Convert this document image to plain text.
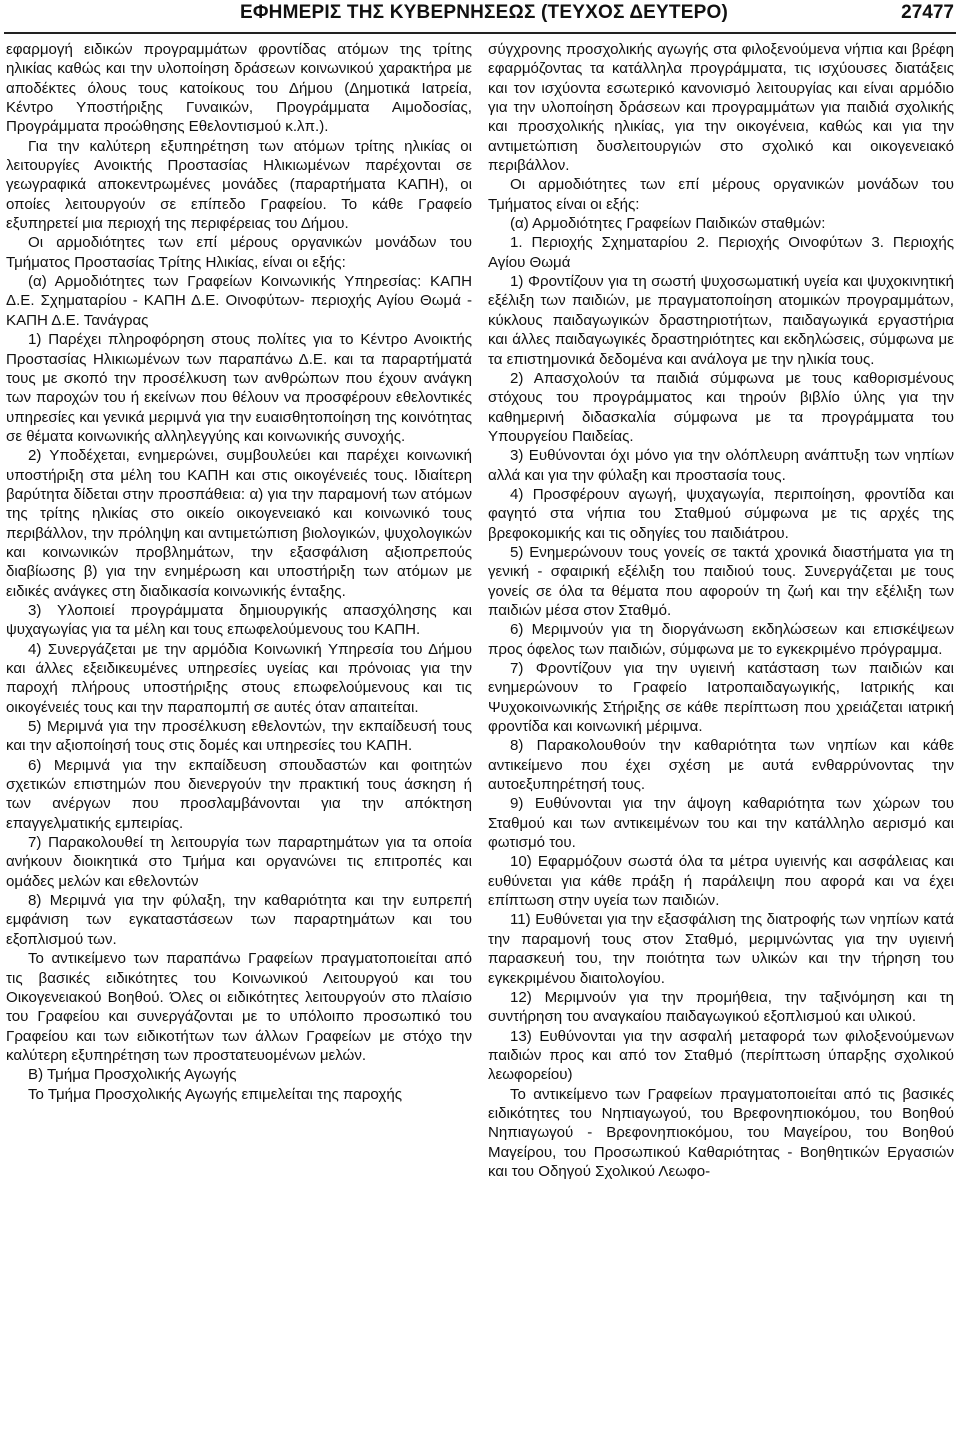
ΕΦΗΜΕΡΙΣ ΤΗΣ ΚΥΒΕΡΝΗΣΕΩΣ (ΤΕΥΧΟΣ ΔΕΥΤΕΡΟ)	27477

εφαρμογή ειδικών προγραμμάτων φροντίδας ατόμων της τρίτης ηλικίας καθώς και την υλοποίηση δράσεων κοινωνικού χαρακτήρα με αποδέκτες όλους τους κατοίκους του Δήμου (Δημοτικά Ιατρεία, Κέντρο Υποστήριξης Γυναικών, Προγράμματα Αιμοδοσίας, Προγράμματα προώθησης Εθελοντισμού κ.λπ.).

Για την καλύτερη εξυπηρέτηση των ατόμων τρίτης ηλικίας οι λειτουργίες Ανοικτής Προστασίας Ηλικιωμένων παρέχονται σε γεωγραφικά αποκεντρωμένες μονάδες (παραρτήματα ΚΑΠΗ), οι οποίες λειτουργούν σε επίπεδο Γραφείου. Το κάθε Γραφείο εξυπηρετεί μια περιοχή της περιφέρειας του Δήμου.

Οι αρμοδιότητες των επί μέρους οργανικών μονάδων του Τμήματος Προστασίας Τρίτης Ηλικίας, είναι οι εξής:

(α) Αρμοδιότητες των Γραφείων Κοινωνικής Υπηρεσίας: ΚΑΠΗ Δ.Ε. Σχηματαρίου - ΚΑΠΗ Δ.Ε. Οινοφύτων- περιοχής Αγίου Θωμά - ΚΑΠΗ Δ.Ε. Τανάγρας

1) Παρέχει πληροφόρηση στους πολίτες για το Κέντρο Ανοικτής Προστασίας Ηλικιωμένων των παραπάνω Δ.Ε. και τα παραρτήματά τους με σκοπό την προσέλκυση των ανθρώπων που έχουν ανάγκη των παροχών του ή εκείνων που θέλουν να προσφέρουν εθελοντικές υπηρεσίες και γενικά μεριμνά για την ευαισθητοποίηση της κοινότητας σε θέματα κοινωνικής αλληλεγγύης και κοινωνικής συνοχής.

2) Υποδέχεται, ενημερώνει, συμβουλεύει και παρέχει κοινωνική υποστήριξη στα μέλη του ΚΑΠΗ και στις οικογένειές τους. Ιδιαίτερη βαρύτητα δίδεται στην προσπάθεια: α) για την παραμονή των ατόμων της τρίτης ηλικίας στο οικείο οικογενειακό και κοινωνικό τους περιβάλλον, την πρόληψη και αντιμετώπιση βιολογικών, ψυχολογικών και κοινωνικών προβλημάτων, την εξασφάλιση αξιοπρεπούς διαβίωσης β) για την ενημέρωση και υποστήριξη των ατόμων με ειδικές ανάγκες στη διαδικασία κοινωνικής ένταξης.

3) Υλοποιεί προγράμματα δημιουργικής απασχόλησης και ψυχαγωγίας για τα μέλη και τους επωφελούμενους του ΚΑΠΗ.

4) Συνεργάζεται με την αρμόδια Κοινωνική Υπηρεσία του Δήμου και άλλες εξειδικευμένες υπηρεσίες υγείας και πρόνοιας για την παροχή πλήρους υποστήριξης στους επωφελούμενους και τις οικογένειές τους και την παραπομπή σε αυτές όταν απαιτείται.

5) Μεριμνά για την προσέλκυση εθελοντών, την εκπαίδευσή τους και την αξιοποίησή τους στις δομές και υπηρεσίες του ΚΑΠΗ.

6) Μεριμνά για την εκπαίδευση σπουδαστών και φοιτητών σχετικών επιστημών που διενεργούν την πρακτική τους άσκηση ή των ανέργων που προσλαμβάνονται για την απόκτηση επαγγελματικής εμπειρίας.

7) Παρακολουθεί τη λειτουργία των παραρτημάτων για τα οποία ανήκουν διοικητικά στο Τμήμα και οργανώνει τις επιτροπές και ομάδες μελών και εθελοντών

8) Μεριμνά για την φύλαξη, την καθαριότητα και την ευπρεπή εμφάνιση των εγκαταστάσεων των παραρτημάτων και του εξοπλισμού των.

Το αντικείμενο των παραπάνω Γραφείων πραγματοποιείται από τις βασικές ειδικότητες του Κοινωνικού Λειτουργού και του Οικογενειακού Βοηθού. Όλες οι ειδικότητες λειτουργούν στο πλαίσιο του Γραφείου και συνεργάζονται με το υπόλοιπο προσωπικό του Γραφείου και των ειδικοτήτων των άλλων Γραφείων με στόχο την καλύτερη εξυπηρέτηση των προστατευομένων μελών.

Β) Τμήμα Προσχολικής Αγωγής

Το Τμήμα Προσχολικής Αγωγής επιμελείται της παροχής

σύγχρονης προσχολικής αγωγής στα φιλοξενούμενα νήπια και βρέφη εφαρμόζοντας τα κατάλληλα προγράμματα, τις ισχύουσες διατάξεις και τον ισχύοντα εσωτερικό κανονισμό λειτουργίας και είναι αρμόδιο για την υλοποίηση δράσεων και προγραμμάτων για παιδιά σχολικής και προσχολικής ηλικίας, για την οικογένεια, καθώς και για την αντιμετώπιση δυσλειτουργιών στο σχολικό και οικογενειακό περιβάλλον.

Οι αρμοδιότητες των επί μέρους οργανικών μονάδων του Τμήματος είναι οι εξής:

(α) Αρμοδιότητες Γραφείων Παιδικών σταθμών:

1. Περιοχής Σχηματαρίου 2. Περιοχής Οινοφύτων 3. Περιοχής Αγίου Θωμά

1) Φροντίζουν για τη σωστή ψυχοσωματική υγεία και ψυχοκινητική εξέλιξη των παιδιών, με πραγματοποίηση ατομικών προγραμμάτων, κύκλους παιδαγωγικών δραστηριοτήτων, παιδαγωγικά εργαστήρια και άλλες παιδαγωγικές δραστηριότητες και εκδηλώσεις, σύμφωνα με τα επιστημονικά δεδομένα και ανάλογα με την ηλικία τους.

2) Απασχολούν τα παιδιά σύμφωνα με τους καθορισμένους στόχους του προγράμματος και τηρούν βιβλίο ύλης για την καθημερινή διδασκαλία σύμφωνα με τα προγράμματα του Υπουργείου Παιδείας.

3) Ευθύνονται όχι μόνο για την ολόπλευρη ανάπτυξη των νηπίων αλλά και για την φύλαξη και προστασία τους.

4) Προσφέρουν αγωγή, ψυχαγωγία, περιποίηση, φροντίδα και φαγητό στα νήπια του Σταθμού σύμφωνα με τις αρχές της βρεφοκομικής και τις οδηγίες του παιδιάτρου.

5) Ενημερώνουν τους γονείς σε τακτά χρονικά διαστήματα για τη γενική - σφαιρική εξέλιξη του παιδιού τους. Συνεργάζεται με τους γονείς σε όλα τα θέματα που αφορούν τη ζωή και την εξέλιξη των παιδιών μέσα στον Σταθμό.

6) Μεριμνούν για τη διοργάνωση εκδηλώσεων και επισκέψεων προς όφελος των παιδιών, σύμφωνα με το εγκεκριμένο πρόγραμμα.

7) Φροντίζουν για την υγιεινή κατάσταση των παιδιών και ενημερώνουν το Γραφείο Ιατροπαιδαγωγικής, Ιατρικής και Ψυχοκοινωνικής Στήριξης σε κάθε περίπτωση που χρειάζεται ιατρική φροντίδα και κοινωνική μέριμνα.

8) Παρακολουθούν την καθαριότητα των νηπίων και κάθε αντικείμενο που έχει σχέση με αυτά ενθαρρύνοντας την αυτοεξυπηρέτησή τους.

9) Ευθύνονται για την άψογη καθαριότητα των χώρων του Σταθμού και των αντικειμένων του και την κατάλληλο αερισμό και φωτισμό του.

10) Εφαρμόζουν σωστά όλα τα μέτρα υγιεινής και ασφάλειας και ευθύνεται για κάθε πράξη ή παράλειψη που αφορά και να έχει επίπτωση στην υγεία των παιδιών.

11) Ευθύνεται για την εξασφάλιση της διατροφής των νηπίων κατά την παραμονή τους στον Σταθμό, μεριμνώντας για την υγιεινή παρασκευή του, την ποιότητα των υλικών και την τήρηση του εγκεκριμένου διαιτολογίου.

12) Μεριμνούν για την προμήθεια, την ταξινόμηση και τη συντήρηση του αναγκαίου παιδαγωγικού εξοπλισμού και υλικού.

13) Ευθύνονται για την ασφαλή μεταφορά των φιλοξενούμενων παιδιών προς και από τον Σταθμό (περίπτωση ύπαρξης σχολικού λεωφορείου)

Το αντικείμενο των Γραφείων πραγματοποιείται από τις βασικές ειδικότητες του Νηπιαγωγού, του Βρεφονηπιοκόμου, του Βοηθού Νηπιαγωγού - Βρεφονηπιοκόμου, του Μαγείρου, του Βοηθού Μαγείρου, του Προσωπικού Καθαριότητας - Βοηθητικών Εργασιών και του Οδηγού Σχολικού Λεωφο-
